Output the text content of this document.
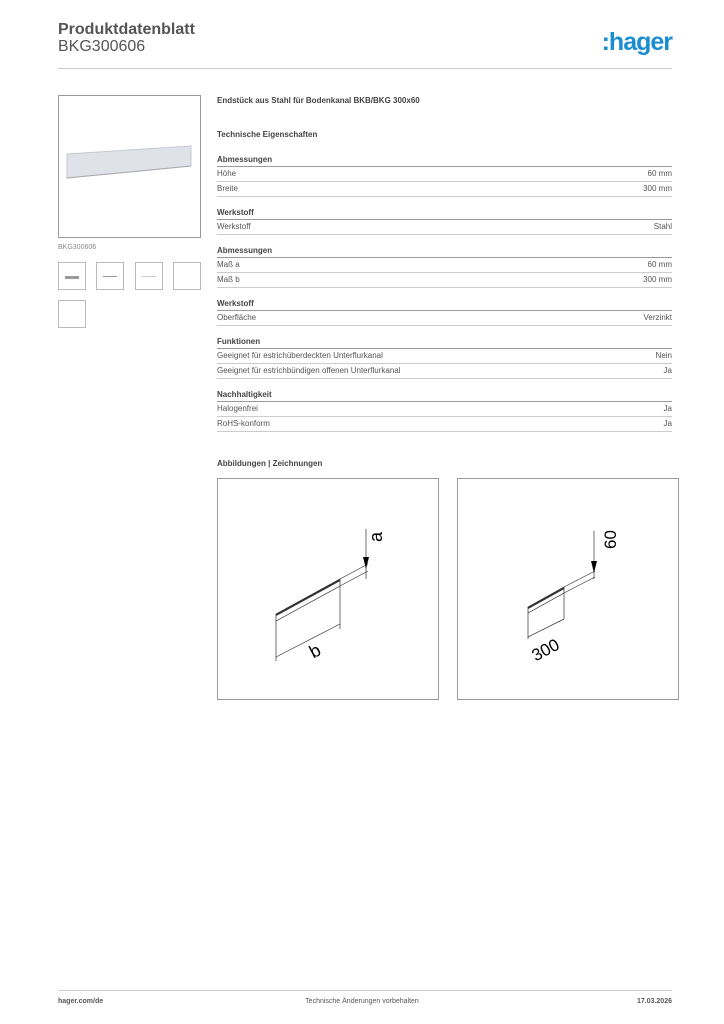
Produktdatenblatt
BKG300606	:hager
BKG300606
Endstück aus Stahl für Bodenkanal BKB/BKG 300x60
Technische Eigenschaften
Abmessungen
Höhe	60 mm
Breite	300 mm
Werkstoff
Werkstoff	Stahl
Abmessungen
Maß a	60 mm
Maß b	300 mm
Werkstoff
Oberfläche	Verzinkt
Funktionen
Geeignet für estrichüberdeckten Unterflurkanal	Nein
Geeignet für estrichbündigen offenen Unterflurkanal	Ja
Nachhaltigkeit
Halogenfrei	Ja
RoHS-konform	Ja
Abbildungen | Zeichnungen
a
b
60
300
hager.com/de	Technische Änderungen vorbehalten	17.03.2026
